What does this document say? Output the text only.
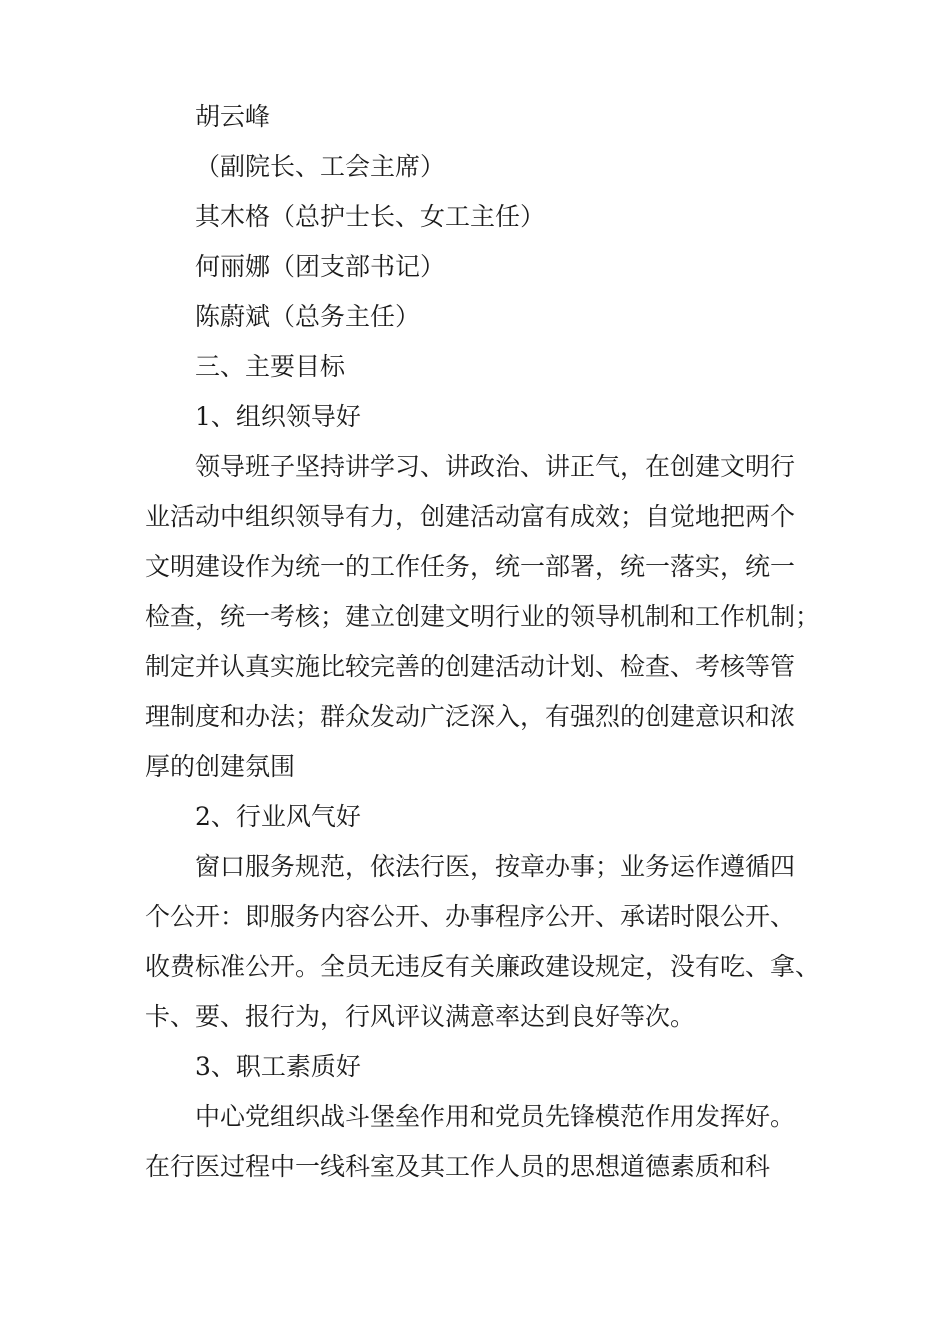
胡云峰
（副院长、工会主席）
其木格（总护士长、女工主任）
何丽娜（团支部书记）
陈蔚斌（总务主任）
三、主要目标
1、组织领导好
领导班子坚持讲学习、讲政治、讲正气，在创建文明行
业活动中组织领导有力，创建活动富有成效；自觉地把两个
文明建设作为统一的工作任务，统一部署，统一落实，统一
检查，统一考核；建立创建文明行业的领导机制和工作机制；
制定并认真实施比较完善的创建活动计划、检查、考核等管
理制度和办法；群众发动广泛深入，有强烈的创建意识和浓
厚的创建氛围
2、行业风气好
窗口服务规范，依法行医，按章办事；业务运作遵循四
个公开：即服务内容公开、办事程序公开、承诺时限公开、
收费标准公开。全员无违反有关廉政建设规定，没有吃、拿、
卡、要、报行为，行风评议满意率达到良好等次。
3、职工素质好
中心党组织战斗堡垒作用和党员先锋模范作用发挥好。
在行医过程中一线科室及其工作人员的思想道德素质和科
